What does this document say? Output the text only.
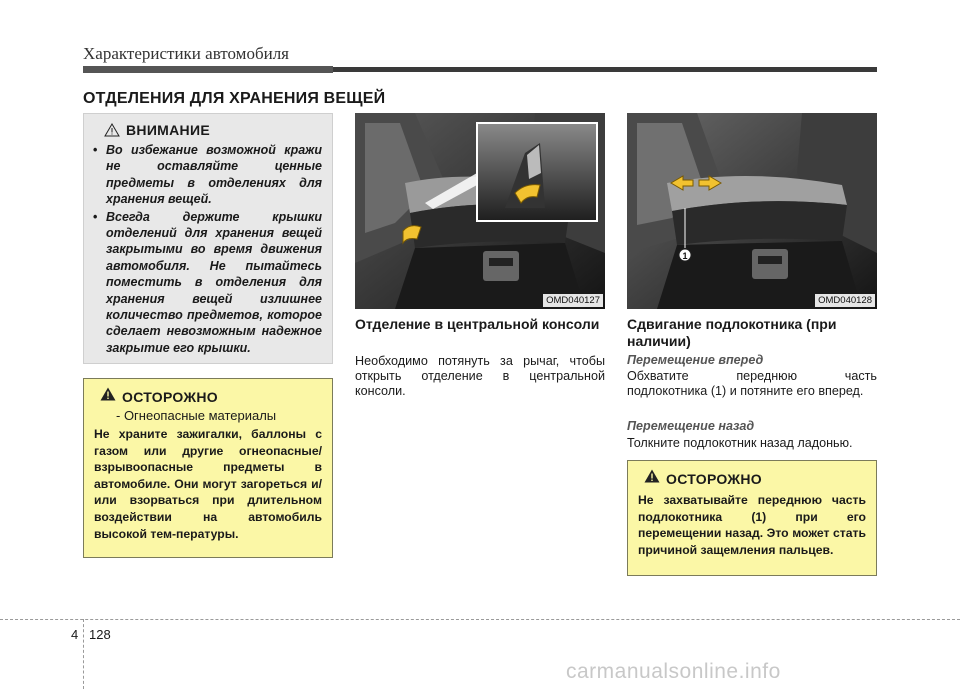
Характеристики автомобиля
ОТДЕЛЕНИЯ ДЛЯ ХРАНЕНИЯ ВЕЩЕЙ
ВНИМАНИЕ
• Во избежание возможной кражи не оставляйте ценные предметы в отделениях для хранения вещей.
• Всегда держите крышки отделений для хранения вещей закрытыми во время движения автомобиля. Не пытайтесь поместить в отделения для хранения вещей излишнее количество предметов, которое сделает невозможным надежное закрытие его крышки.
ОСТОРОЖНО
- Огнеопасные материалы
Не храните зажигалки, баллоны с газом или другие огнеопасные/ взрывоопасные предметы в автомобиле. Они могут загореться и/или взорваться при длительном воздействии на автомобиль высокой тем-пературы.
OMD040127
1
OMD040128
Отделение в центральной консоли
Необходимо потянуть за рычаг, чтобы открыть отделение в центральной консоли.
Сдвигание подлокотника (при наличии)
Перемещение вперед
Обхватите	переднюю	часть
подлокотника (1) и потяните его вперед.
Перемещение назад
Толкните подлокотник назад ладонью.
ОСТОРОЖНО
Не захватывайте переднюю часть подлокотника (1) при его перемещении назад. Это может стать причиной защемления пальцев.
4 128
carmanualsonline.info
